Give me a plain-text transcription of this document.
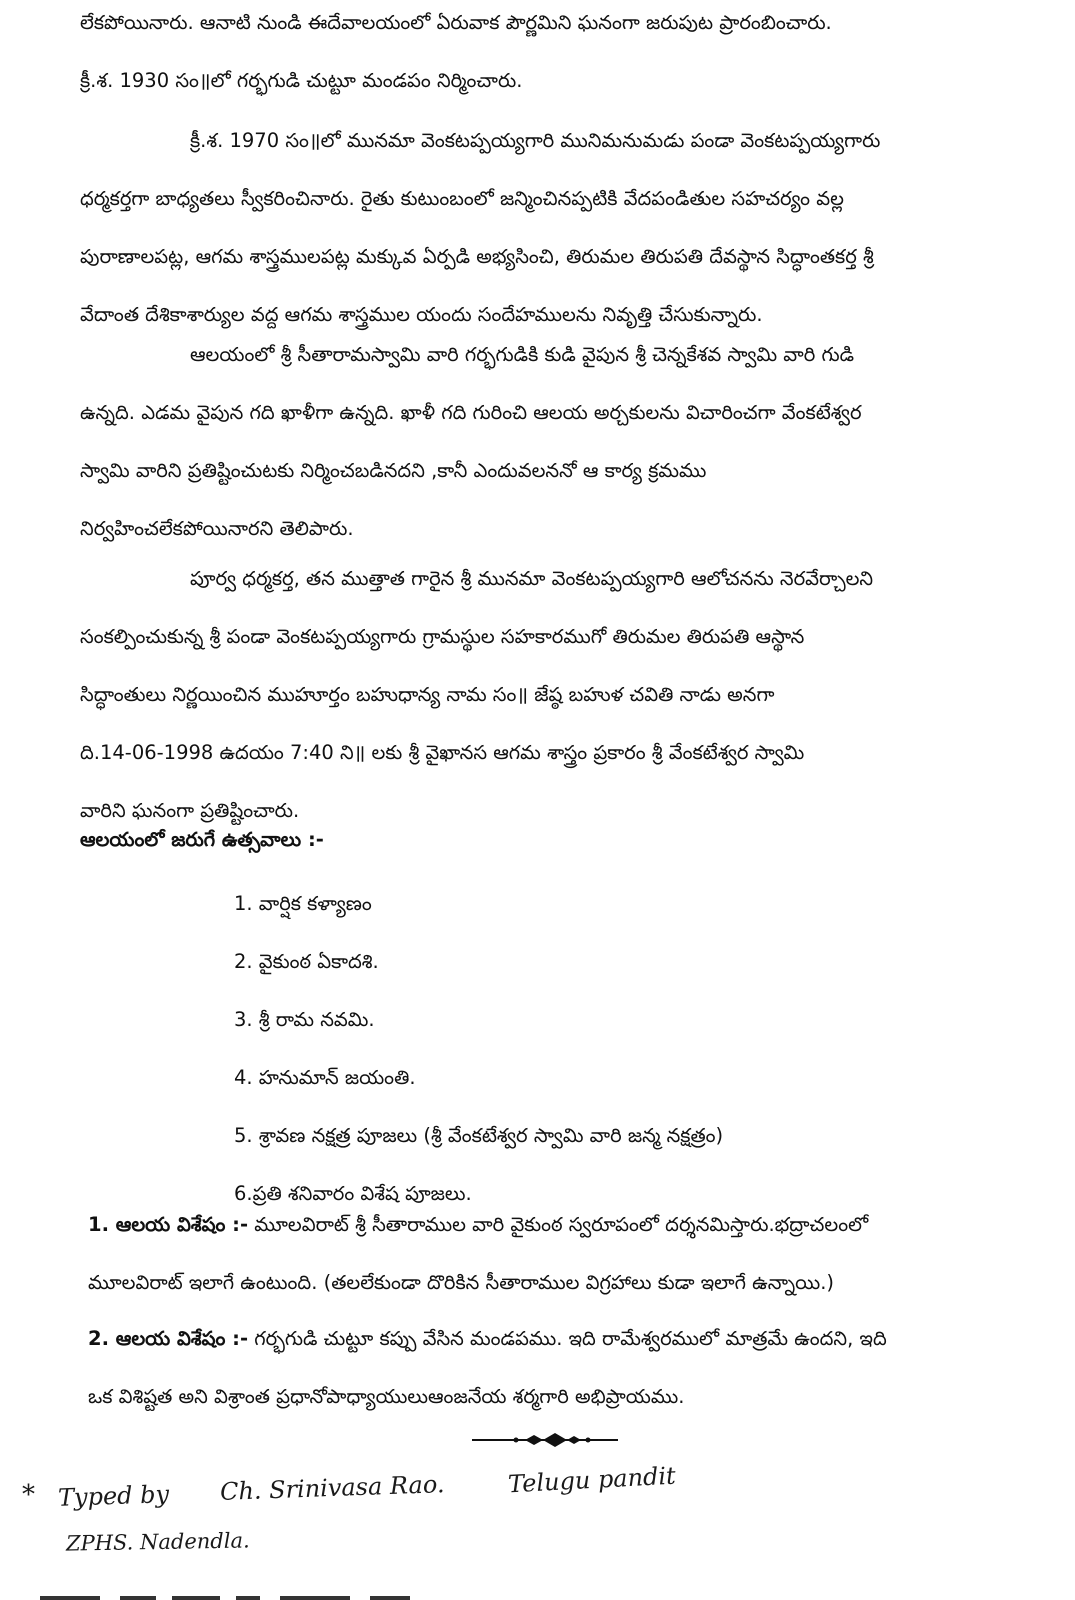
లేకపోయినారు. ఆనాటి నుండి ఈదేవాలయంలో ఏరువాక పౌర్ణమిని ఘనంగా జరుపుట ప్రారంబించారు.
క్రీ.శ. 1930 సం॥లో గర్భగుడి చుట్టూ మండపం నిర్మించారు.
క్రీ.శ. 1970 సం॥లో మునమా వెంకటప్పయ్యగారి మునిమనుమడు పండా వెంకటప్పయ్యగారు
ధర్మకర్తగా బాధ్యతలు స్వీకరించినారు. రైతు కుటుంబంలో జన్మించినప్పటికి వేదపండితుల సహచర్యం వల్ల
పురాణాలపట్ల, ఆగమ శాస్త్రములపట్ల మక్కువ ఏర్పడి అభ్యసించి, తిరుమల తిరుపతి దేవస్థాన సిద్ధాంతకర్త శ్రీ
వేదాంత దేశికాశార్యుల వద్ద ఆగమ శాస్త్రముల యందు సందేహములను నివృత్తి చేసుకున్నారు.
ఆలయంలో శ్రీ సీతారామస్వామి వారి గర్భగుడికి కుడి వైపున శ్రీ చెన్నకేశవ స్వామి వారి గుడి
ఉన్నది. ఎడమ వైపున గది ఖాళీగా ఉన్నది. ఖాళీ గది గురించి ఆలయ అర్చకులను విచారించగా వేంకటేశ్వర
స్వామి వారిని ప్రతిష్టించుటకు నిర్మించబడినదని ,కానీ ఎందువలననో ఆ కార్య క్రమము
నిర్వహించలేకపోయినారని తెలిపారు.
పూర్వ ధర్మకర్త, తన ముత్తాత గారైన శ్రీ మునమా వెంకటప్పయ్యగారి ఆలోచనను నెరవేర్చాలని
సంకల్పించుకున్న శ్రీ పండా వెంకటప్పయ్యగారు గ్రామస్థుల సహకారముగో తిరుమల తిరుపతి ఆస్థాన
సిద్ధాంతులు నిర్ణయించిన ముహూర్తం బహుధాన్య నామ సం॥ జేష్ఠ బహుళ చవితి నాడు అనగా
ది.14-06-1998 ఉదయం 7:40 ని॥ లకు శ్రీ వైఖానస ఆగమ శాస్త్రం ప్రకారం శ్రీ వేంకటేశ్వర స్వామి
వారిని ఘనంగా ప్రతిష్టించారు.
ఆలయంలో జరుగే ఉత్సవాలు :-
1. వార్షిక కళ్యాణం
2. వైకుంఠ ఏకాదశి.
3. శ్రీ రామ నవమి.
4. హనుమాన్ జయంతి.
5. శ్రావణ నక్షత్ర పూజలు (శ్రీ వేంకటేశ్వర స్వామి వారి జన్మ నక్షత్రం)
6.ప్రతి శనివారం విశేష పూజలు.
1. ఆలయ విశేషం :- మూలవిరాట్ శ్రీ సీతారాముల వారి వైకుంఠ స్వరూపంలో దర్శనమిస్తారు.భద్రాచలంలో
మూలవిరాట్ ఇలాగే ఉంటుంది. (తలలేకుండా దొరికిన సీతారాముల విగ్రహాలు కుడా ఇలాగే ఉన్నాయి.)
2. ఆలయ విశేషం :- గర్భగుడి చుట్టూ కప్పు వేసిన మండపము. ఇది రామేశ్వరములో మాత్రమే ఉందని, ఇది
ఒక విశిష్టత అని విశ్రాంత ప్రధానోపాధ్యాయులుఆంజనేయ శర్మగారి అభిప్రాయము.
* Typed by Ch. Srinivasa Rao.	Telugu pandit
ZPHS. Nadendla.
